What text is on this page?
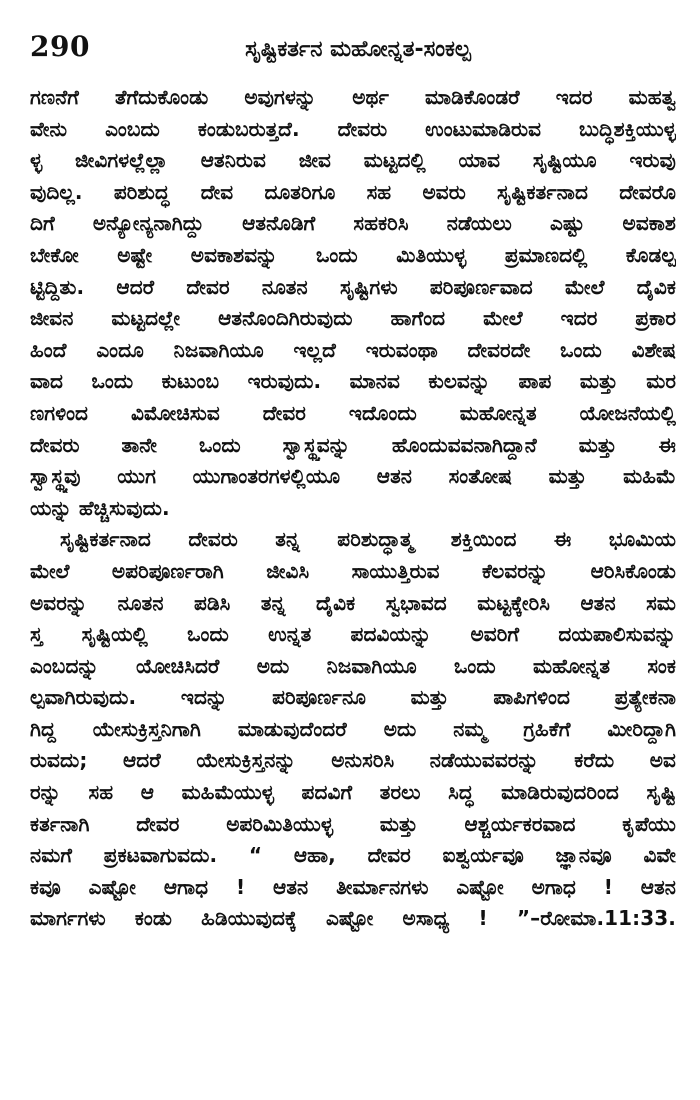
290	ಸೃಷ್ಟಿಕರ್ತನ ಮಹೋನ್ನತ-ಸಂಕಲ್ಪ
ಗಣನೆಗೆ ತೆಗೆದುಕೊಂಡು ಅವುಗಳನ್ನು ಅರ್ಥ ಮಾಡಿಕೊಂಡರೆ ಇದರ ಮಹತ್ವ
ವೇನು ಎಂಬದು ಕಂಡುಬರುತ್ತದೆ. ದೇವರು ಉಂಟುಮಾಡಿರುವ ಬುದ್ಧಿಶಕ್ತಿಯುಳ್ಳ
ಳ್ಳ ಜೀವಿಗಳಲ್ಲೆಲ್ಲಾ ಆತನಿರುವ ಜೀವ ಮಟ್ಟದಲ್ಲಿ ಯಾವ ಸೃಷ್ಟಿಯೂ ಇರುವು
ವುದಿಲ್ಲ. ಪರಿಶುದ್ಧ ದೇವ ದೂತರಿಗೂ ಸಹ ಅವರು ಸೃಷ್ಟಿಕರ್ತನಾದ ದೇವರೊ
ದಿಗೆ ಅನ್ಯೋನ್ಯನಾಗಿದ್ದು ಆತನೊಡಿಗೆ ಸಹಕರಿಸಿ ನಡೆಯಲು ಎಷ್ಟು ಅವಕಾಶ
ಬೇಕೋ ಅಷ್ಟೇ ಅವಕಾಶವನ್ನು ಒಂದು ಮಿತಿಯುಳ್ಳ ಪ್ರಮಾಣದಲ್ಲಿ ಕೊಡಲ್ಪ
ಟ್ಟಿದ್ದಿತು. ಆದರೆ ದೇವರ ನೂತನ ಸೃಷ್ಟಿಗಳು ಪರಿಪೂರ್ಣವಾದ ಮೇಲೆ ದೈವಿಕ
ಜೀವನ ಮಟ್ಟದಲ್ಲೇ ಆತನೊಂದಿಗಿರುವುದು ಹಾಗೆಂದ ಮೇಲೆ ಇದರ ಪ್ರಕಾರ
ಹಿಂದೆ ಎಂದೂ ನಿಜವಾಗಿಯೂ ಇಲ್ಲದೆ ಇರುವಂಥಾ ದೇವರದೇ ಒಂದು ವಿಶೇಷ
ವಾದ ಒಂದು ಕುಟುಂಬ ಇರುವುದು. ಮಾನವ ಕುಲವನ್ನು ಪಾಪ ಮತ್ತು ಮರ
ಣಗಳಿಂದ ವಿಮೋಚಿಸುವ ದೇವರ ಇದೊಂದು ಮಹೋನ್ನತ ಯೋಜನೆಯಲ್ಲಿ
ದೇವರು ತಾನೇ ಒಂದು ಸ್ವಾಸ್ಥ್ಯವನ್ನು ಹೊಂದುವವನಾಗಿದ್ದಾನೆ ಮತ್ತು ಈ
ಸ್ವಾಸ್ಥ್ಯವು ಯುಗ ಯುಗಾಂತರಗಳಲ್ಲಿಯೂ ಆತನ ಸಂತೋಷ ಮತ್ತು ಮಹಿಮೆ
ಯನ್ನು ಹೆಚ್ಚಿಸುವುದು.
ಸೃಷ್ಟಿಕರ್ತನಾದ ದೇವರು ತನ್ನ ಪರಿಶುದ್ಧಾತ್ಮ ಶಕ್ತಿಯಿಂದ ಈ ಭೂಮಿಯ
ಮೇಲೆ ಅಪರಿಪೂರ್ಣರಾಗಿ ಜೀವಿಸಿ ಸಾಯುತ್ತಿರುವ ಕೆಲವರನ್ನು ಆರಿಸಿಕೊಂಡು
ಅವರನ್ನು ನೂತನ ಪಡಿಸಿ ತನ್ನ ದೈವಿಕ ಸ್ವಭಾವದ ಮಟ್ಟಕ್ಕೇರಿಸಿ ಆತನ ಸಮ
ಸ್ತ ಸೃಷ್ಟಿಯಲ್ಲಿ ಒಂದು ಉನ್ನತ ಪದವಿಯನ್ನು ಅವರಿಗೆ ದಯಪಾಲಿಸುವನ್ನು
ಎಂಬದನ್ನು ಯೋಚಿಸಿದರೆ ಅದು ನಿಜವಾಗಿಯೂ ಒಂದು ಮಹೋನ್ನತ ಸಂಕ
ಲ್ಪವಾಗಿರುವುದು. ಇದನ್ನು ಪರಿಪೂರ್ಣನೂ ಮತ್ತು ಪಾಪಿಗಳಿಂದ ಪ್ರತ್ಯೇಕನಾ
ಗಿದ್ದ ಯೇಸುಕ್ರಿಸ್ತನಿಗಾಗಿ ಮಾಡುವುದೆಂದರೆ ಅದು ನಮ್ಮ ಗ್ರಹಿಕೆಗೆ ಮೀರಿದ್ದಾಗಿ
ರುವದು; ಆದರೆ ಯೇಸುಕ್ರಿಸ್ತನನ್ನು ಅನುಸರಿಸಿ ನಡೆಯುವವರನ್ನು ಕರೆದು ಅವ
ರನ್ನು ಸಹ ಆ ಮಹಿಮೆಯುಳ್ಳ ಪದವಿಗೆ ತರಲು ಸಿದ್ಧ ಮಾಡಿರುವುದರಿಂದ ಸೃಷ್ಟಿ
ಕರ್ತನಾಗಿ ದೇವರ ಅಪರಿಮಿತಿಯುಳ್ಳ ಮತ್ತು ಆಶ್ಚರ್ಯಕರವಾದ ಕೃಪೆಯು
ನಮಗೆ ಪ್ರಕಟವಾಗುವದು. “ ಆಹಾ, ದೇವರ ಐಶ್ವರ್ಯವೂ ಜ್ಞಾನವೂ ವಿವೇ
ಕವೂ ಎಷ್ಟೋ ಆಗಾಧ ! ಆತನ ತೀರ್ಮಾನಗಳು ಎಷ್ಟೋ ಅಗಾಧ ! ಆತನ
ಮಾರ್ಗಗಳು ಕಂಡು ಹಿಡಿಯುವುದಕ್ಕೆ ಎಷ್ಟೋ ಅಸಾಧ್ಯ ! ”–ರೋಮಾ.11:33.
